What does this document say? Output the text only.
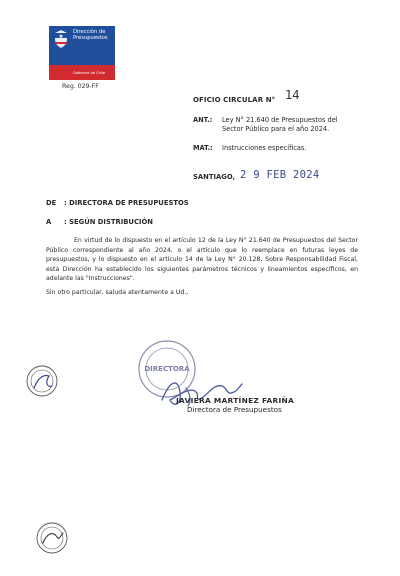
Dirección de
Presupuestos
Gobierno de Chile
Reg. 029-FF
OFICIO CIRCULAR N° 14
ANT.: Ley N° 21.640 de Presupuestos del Sector Público para el año 2024.
MAT.: Instrucciones específicas.
SANTIAGO, 2 9 FEB 2024
DE : DIRECTORA DE PRESUPUESTOS
A : SEGÚN DISTRIBUCIÓN
En virtud de lo dispuesto en el artículo 12 de la Ley N° 21.640 de Presupuestos del Sector Público correspondiente al año 2024, o el artículo que lo reemplace en futuras leyes de presupuestos, y lo dispuesto en el artículo 14 de la Ley N° 20.128, Sobre Responsabilidad Fiscal, esta Dirección ha establecido los siguientes parámetros técnicos y lineamientos específicos, en adelante las "Instrucciones".
Sin otro particular, saluda atentamente a Ud.,
DIRECTORA
JAVIERA MARTÍNEZ FARIÑA
Directora de Presupuestos
